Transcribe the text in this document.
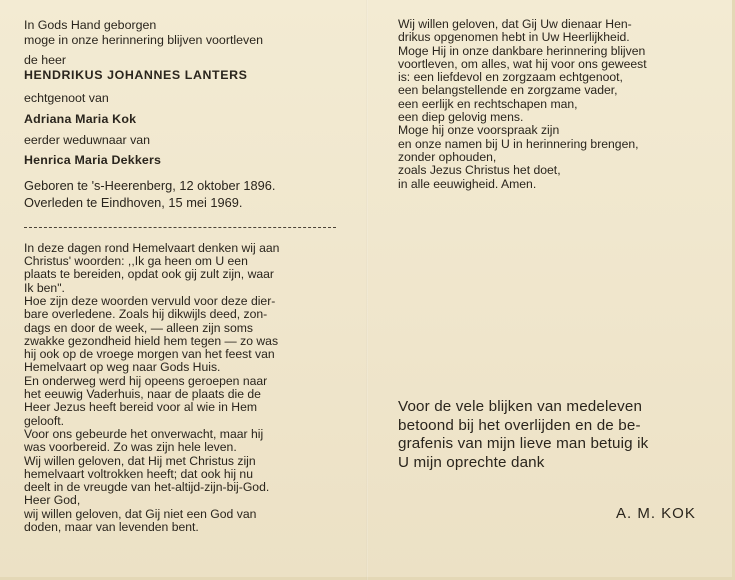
In Gods Hand geborgen
moge in onze herinnering blijven voortleven
de heer
HENDRIKUS JOHANNES LANTERS
echtgenoot van
Adriana Maria Kok
eerder weduwnaar van
Henrica Maria Dekkers
Geboren te 's-Heerenberg, 12 oktober 1896.
Overleden te Eindhoven, 15 mei 1969.
In deze dagen rond Hemelvaart denken wij aan
Christus' woorden: ,,Ik ga heen om U een
plaats te bereiden, opdat ook gij zult zijn, waar
Ik ben".
Hoe zijn deze woorden vervuld voor deze dier-
bare overledene. Zoals hij dikwijls deed, zon-
dags en door de week, — alleen zijn soms
zwakke gezondheid hield hem tegen — zo was
hij ook op de vroege morgen van het feest van
Hemelvaart op weg naar Gods Huis.
En onderweg werd hij opeens geroepen naar
het eeuwig Vaderhuis, naar de plaats die de
Heer Jezus heeft bereid voor al wie in Hem
gelooft.
Voor ons gebeurde het onverwacht, maar hij
was voorbereid. Zo was zijn hele leven.
Wij willen geloven, dat Hij met Christus zijn
hemelvaart voltrokken heeft; dat ook hij nu
deelt in de vreugde van het-altijd-zijn-bij-God.
Heer God,
wij willen geloven, dat Gij niet een God van
doden, maar van levenden bent.
Wij willen geloven, dat Gij Uw dienaar Hen-
drikus opgenomen hebt in Uw Heerlijkheid.
Moge Hij in onze dankbare herinnering blijven
voortleven, om alles, wat hij voor ons geweest
is: een liefdevol en zorgzaam echtgenoot,
een belangstellende en zorgzame vader,
een eerlijk en rechtschapen man,
een diep gelovig mens.
Moge hij onze voorspraak zijn
en onze namen bij U in herinnering brengen,
zonder ophouden,
zoals Jezus Christus het doet,
in alle eeuwigheid. Amen.
Voor de vele blijken van medeleven
betoond bij het overlijden en de be-
grafenis van mijn lieve man betuig ik
U mijn oprechte dank
A. M. KOK
